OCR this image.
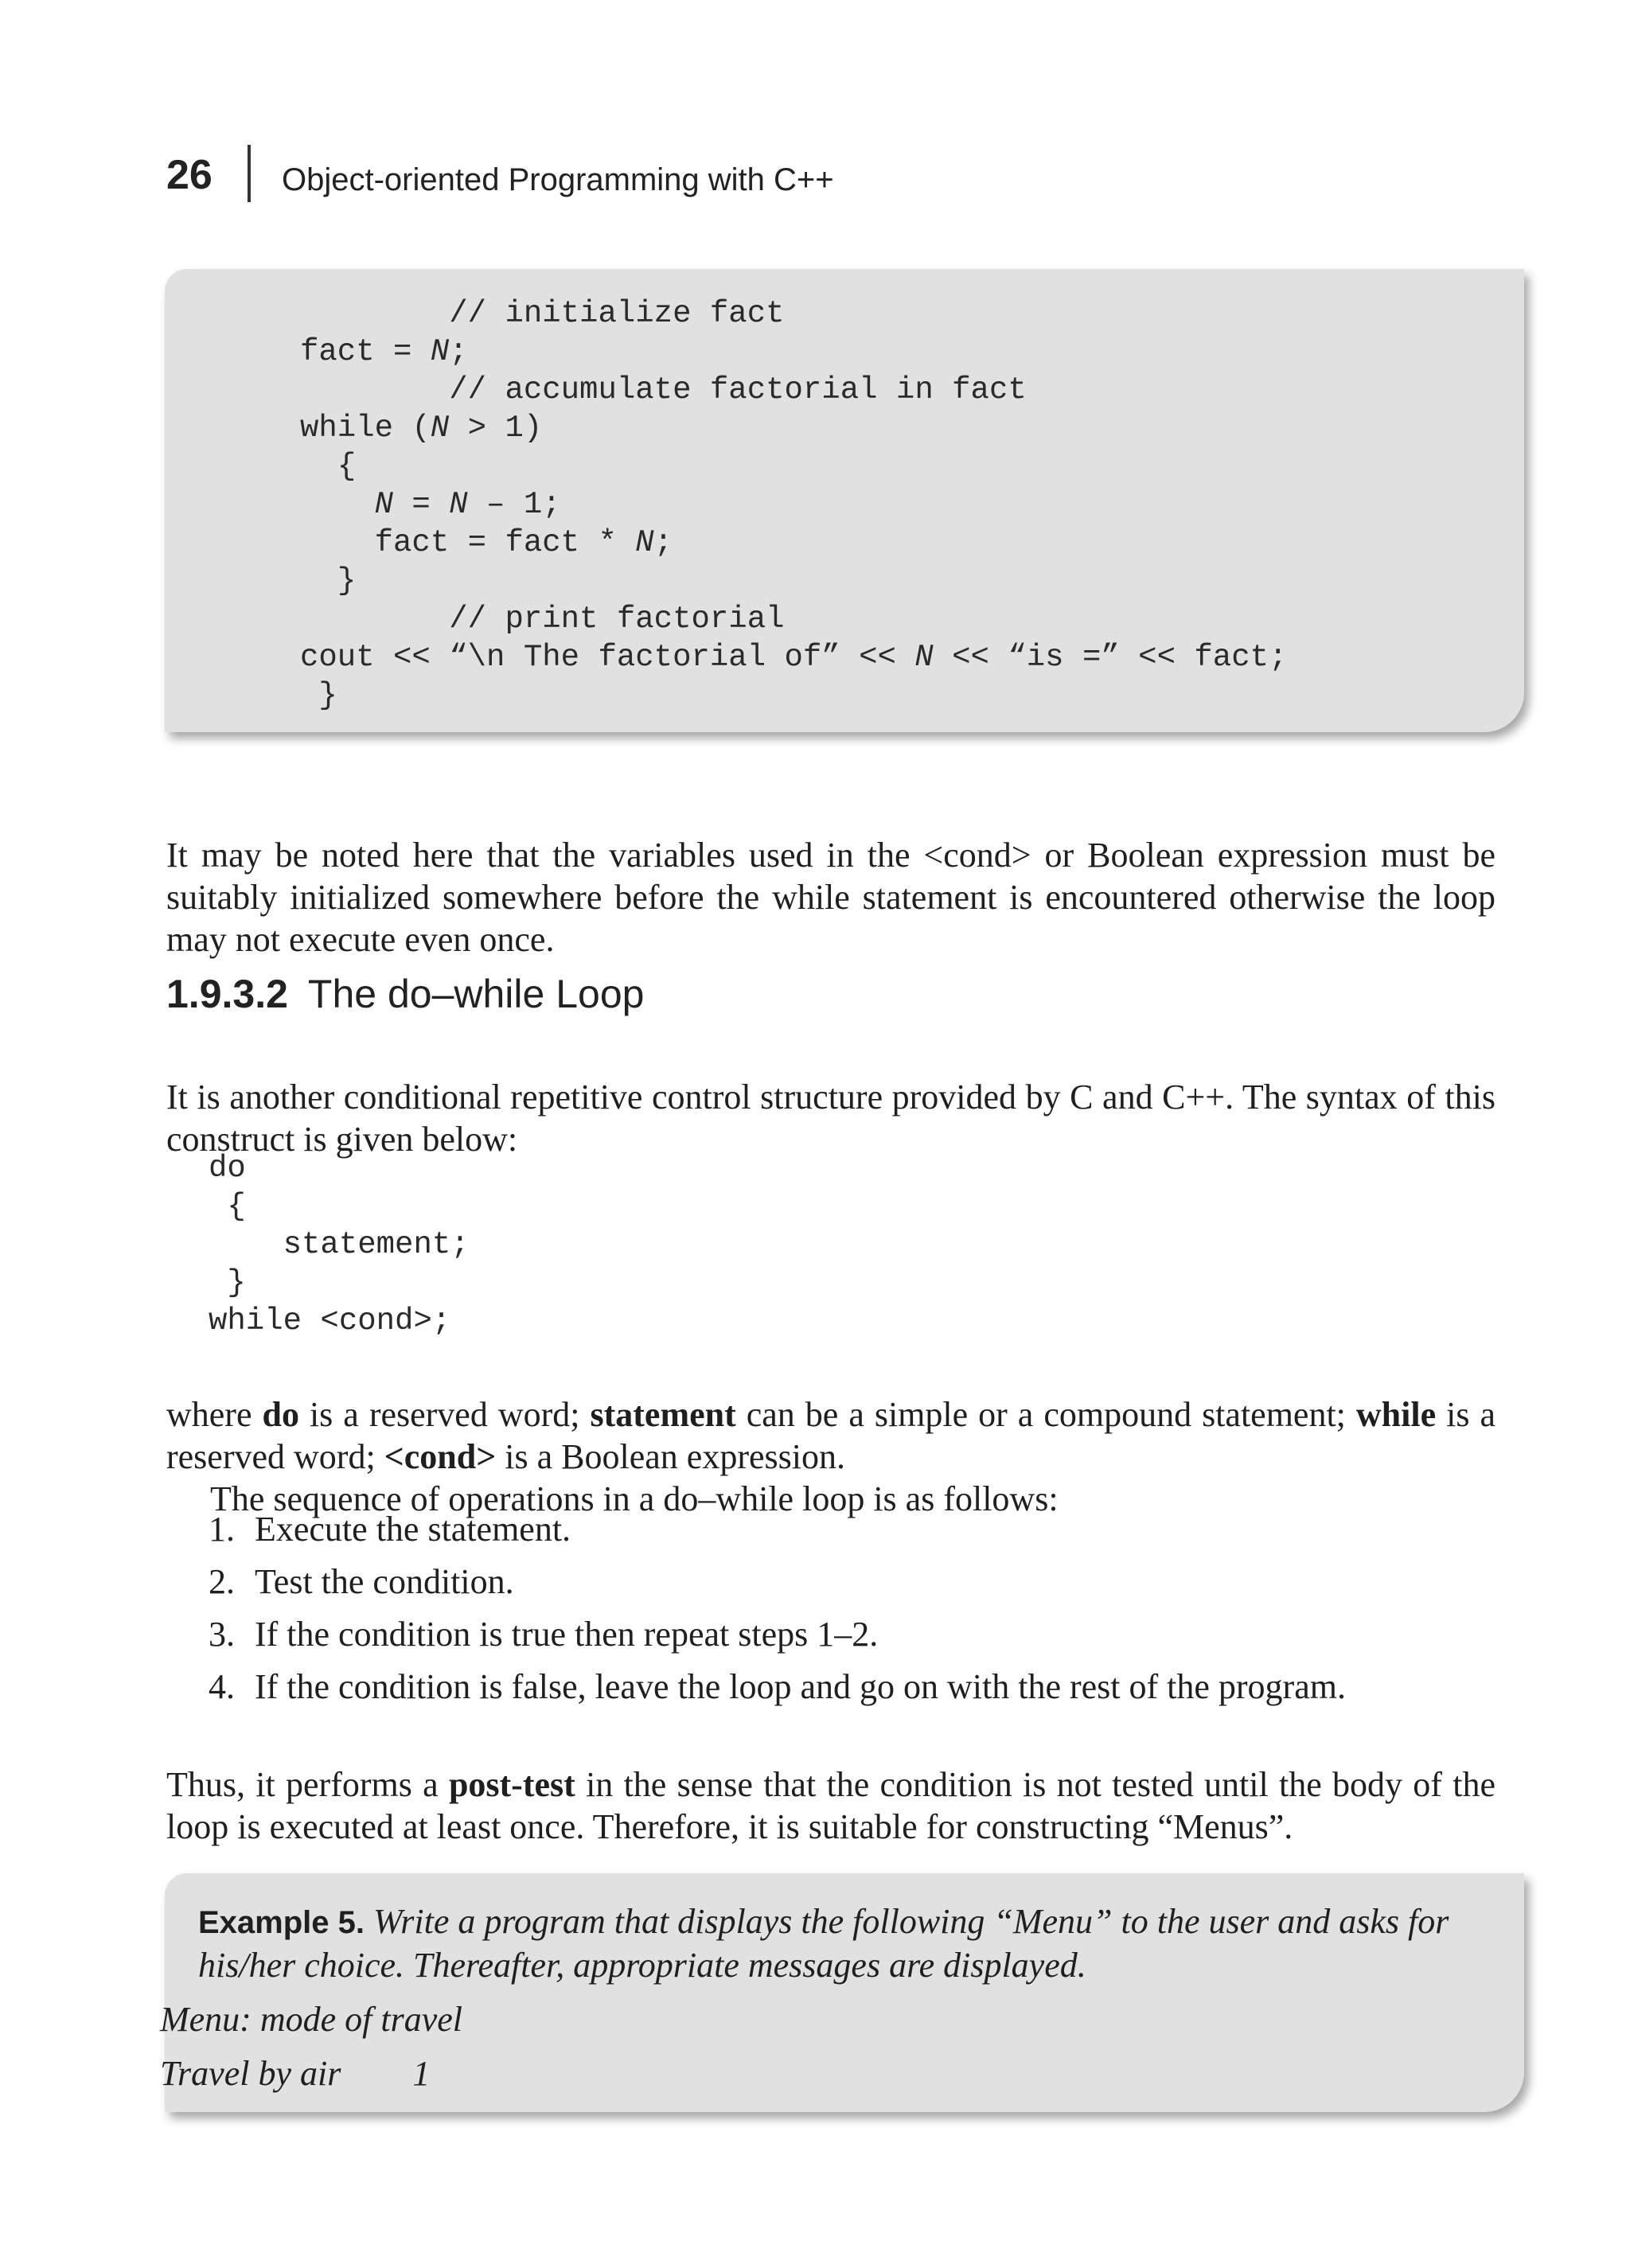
26 Object-oriented Programming with C++
// initialize fact
fact = N;
// accumulate factorial in fact
while (N > 1)
{
N = N – 1;
fact = fact * N;
}
// print factorial
cout << “\n The factorial of” << N << “is =” << fact;
}

It may be noted here that the variables used in the <cond> or Boolean expression must be suitably initialized somewhere before the while statement is encountered otherwise the loop may not execute even once.

1.9.3.2 The do–while Loop

It is another conditional repetitive control structure provided by C and C++. The syntax of this construct is given below:

do
{
statement;
}
while <cond>;

where do is a reserved word; statement can be a simple or a compound statement; while is a reserved word; <cond> is a Boolean expression.

The sequence of operations in a do–while loop is as follows:

1. Execute the statement.
2. Test the condition.
3. If the condition is true then repeat steps 1–2.
4. If the condition is false, leave the loop and go on with the rest of the program.

Thus, it performs a post-test in the sense that the condition is not tested until the body of the loop is executed at least once. Therefore, it is suitable for constructing “Menus”.

Example 5. Write a program that displays the following “Menu” to the user and asks for his/her choice. Thereafter, appropriate messages are displayed.
Menu: mode of travel
Travel by air 1
